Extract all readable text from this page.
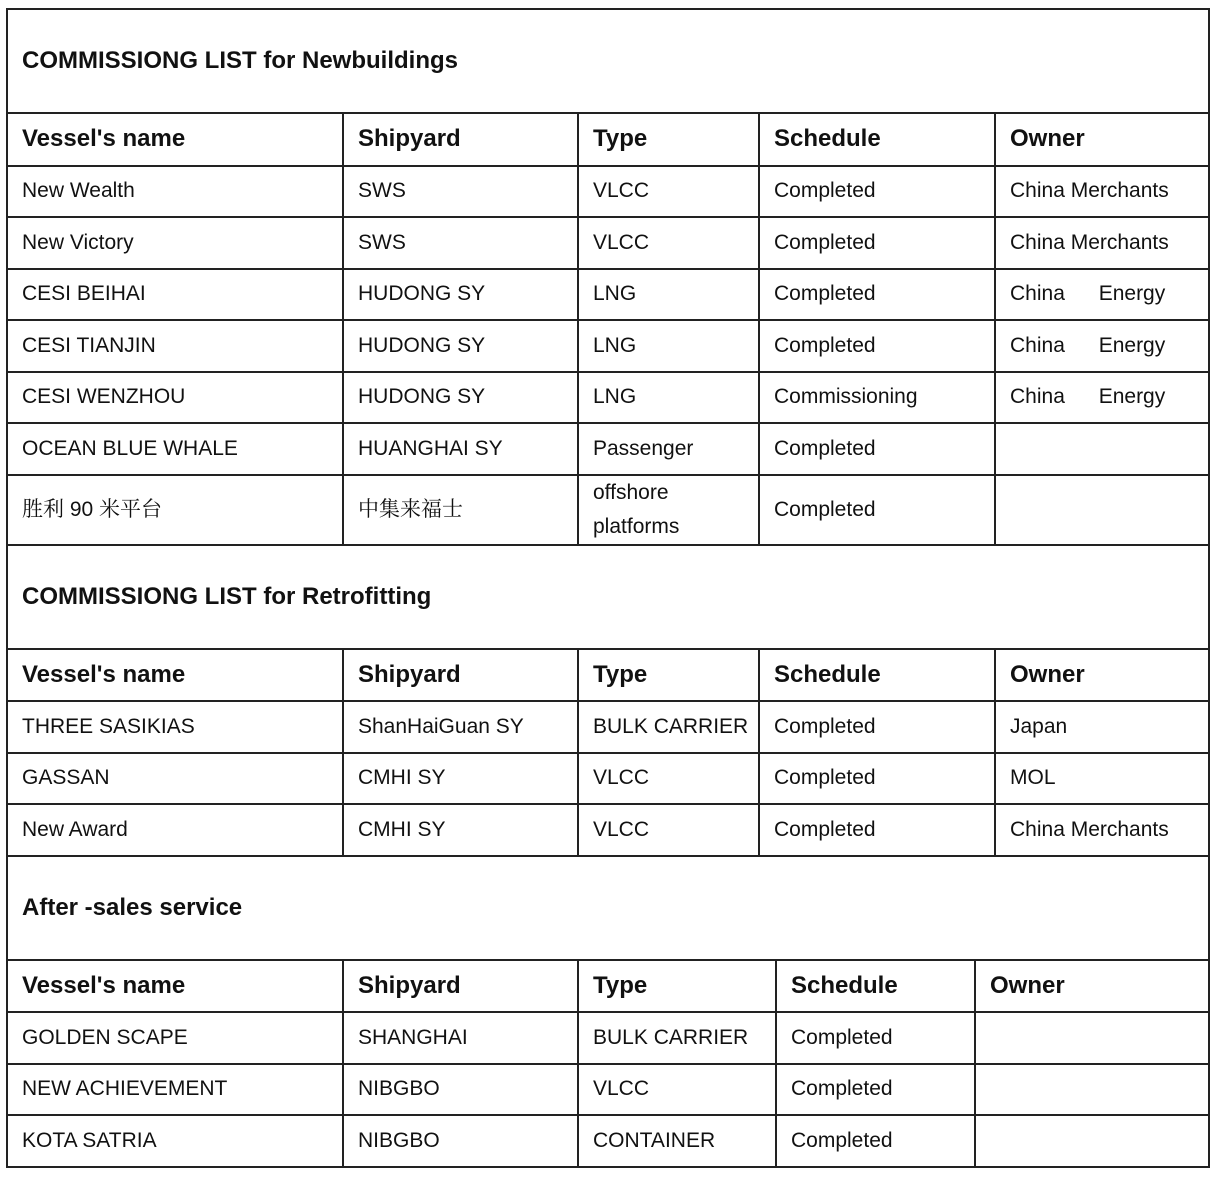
COMMISSIONG LIST for Newbuildings
Vessel's name	Shipyard	Type	Schedule	Owner
New Wealth	SWS	VLCC	Completed	China Merchants
New Victory	SWS	VLCC	Completed	China Merchants
CESI BEIHAI	HUDONG SY	LNG	Completed	China Energy
CESI TIANJIN	HUDONG SY	LNG	Completed	China Energy
CESI WENZHOU	HUDONG SY	LNG	Commissioning	China Energy
OCEAN BLUE WHALE	HUANGHAI SY	Passenger	Completed	
胜利 90 米平台	中集来福士	offshore platforms	Completed	
COMMISSIONG LIST for Retrofitting
Vessel's name	Shipyard	Type	Schedule	Owner
THREE SASIKIAS	ShanHaiGuan SY	BULK CARRIER	Completed	Japan
GASSAN	CMHI SY	VLCC	Completed	MOL
New Award	CMHI SY	VLCC	Completed	China Merchants
After -sales service
Vessel's name	Shipyard	Type	Schedule	Owner
GOLDEN SCAPE	SHANGHAI	BULK CARRIER	Completed	
NEW ACHIEVEMENT	NIBGBO	VLCC	Completed	
KOTA SATRIA	NIBGBO	CONTAINER	Completed	
